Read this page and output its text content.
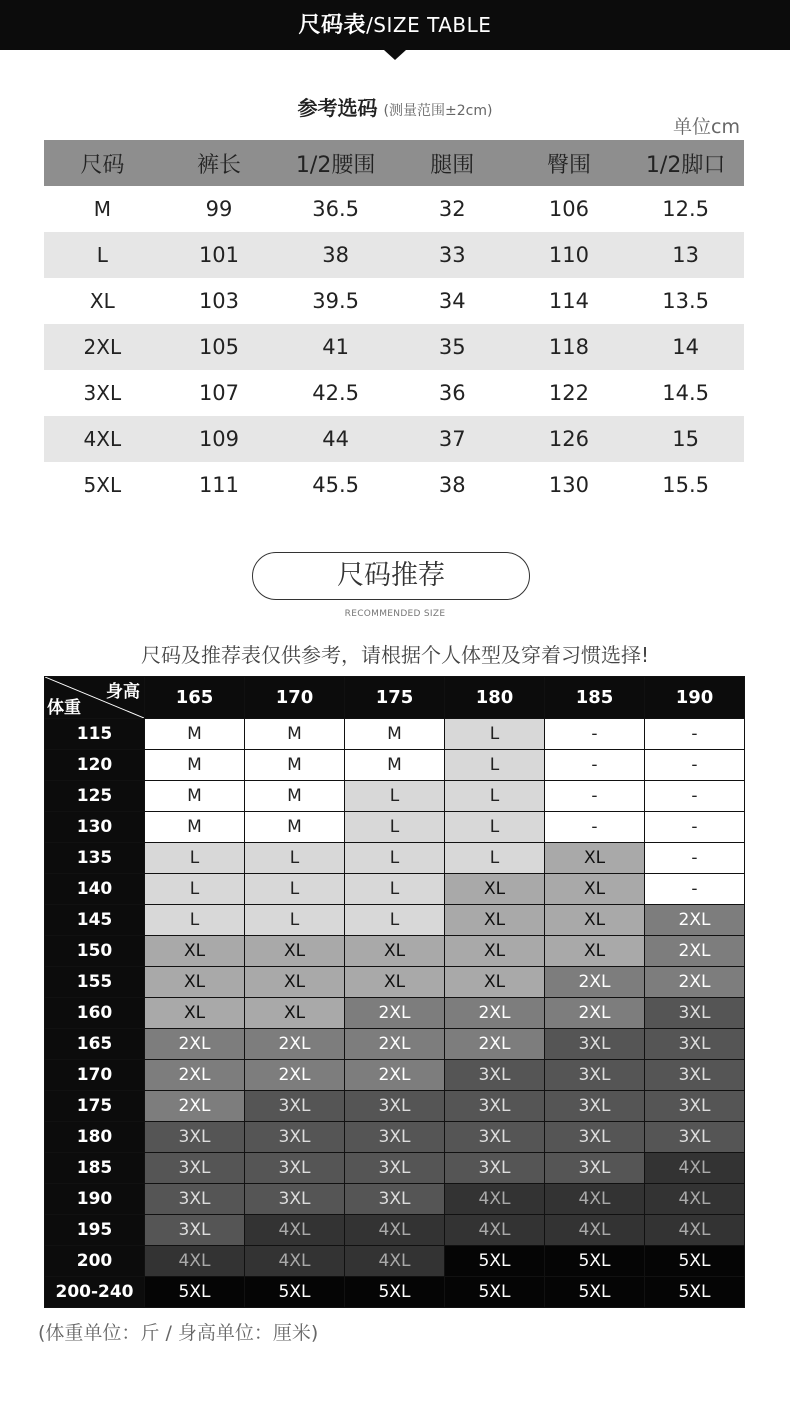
尺码表/SIZE TABLE
参考选码 (测量范围±2cm)
单位cm
尺码	裤长	1/2腰围	腿围	臀围	1/2脚口
M	99	36.5	32	106	12.5
L	101	38	33	110	13
XL	103	39.5	34	114	13.5
2XL	105	41	35	118	14
3XL	107	42.5	36	122	14.5
4XL	109	44	37	126	15
5XL	111	45.5	38	130	15.5
尺码推荐
RECOMMENDED SIZE
尺码及推荐表仅供参考，请根据个人体型及穿着习惯选择!
身高
体重	165	170	175	180	185	190
115	M	M	M	L	-	-
120	M	M	M	L	-	-
125	M	M	L	L	-	-
130	M	M	L	L	-	-
135	L	L	L	L	XL	-
140	L	L	L	XL	XL	-
145	L	L	L	XL	XL	2XL
150	XL	XL	XL	XL	XL	2XL
155	XL	XL	XL	XL	2XL	2XL
160	XL	XL	2XL	2XL	2XL	3XL
165	2XL	2XL	2XL	2XL	3XL	3XL
170	2XL	2XL	2XL	3XL	3XL	3XL
175	2XL	3XL	3XL	3XL	3XL	3XL
180	3XL	3XL	3XL	3XL	3XL	3XL
185	3XL	3XL	3XL	3XL	3XL	4XL
190	3XL	3XL	3XL	4XL	4XL	4XL
195	3XL	4XL	4XL	4XL	4XL	4XL
200	4XL	4XL	4XL	5XL	5XL	5XL
200-240	5XL	5XL	5XL	5XL	5XL	5XL
(体重单位：斤 / 身高单位：厘米)
